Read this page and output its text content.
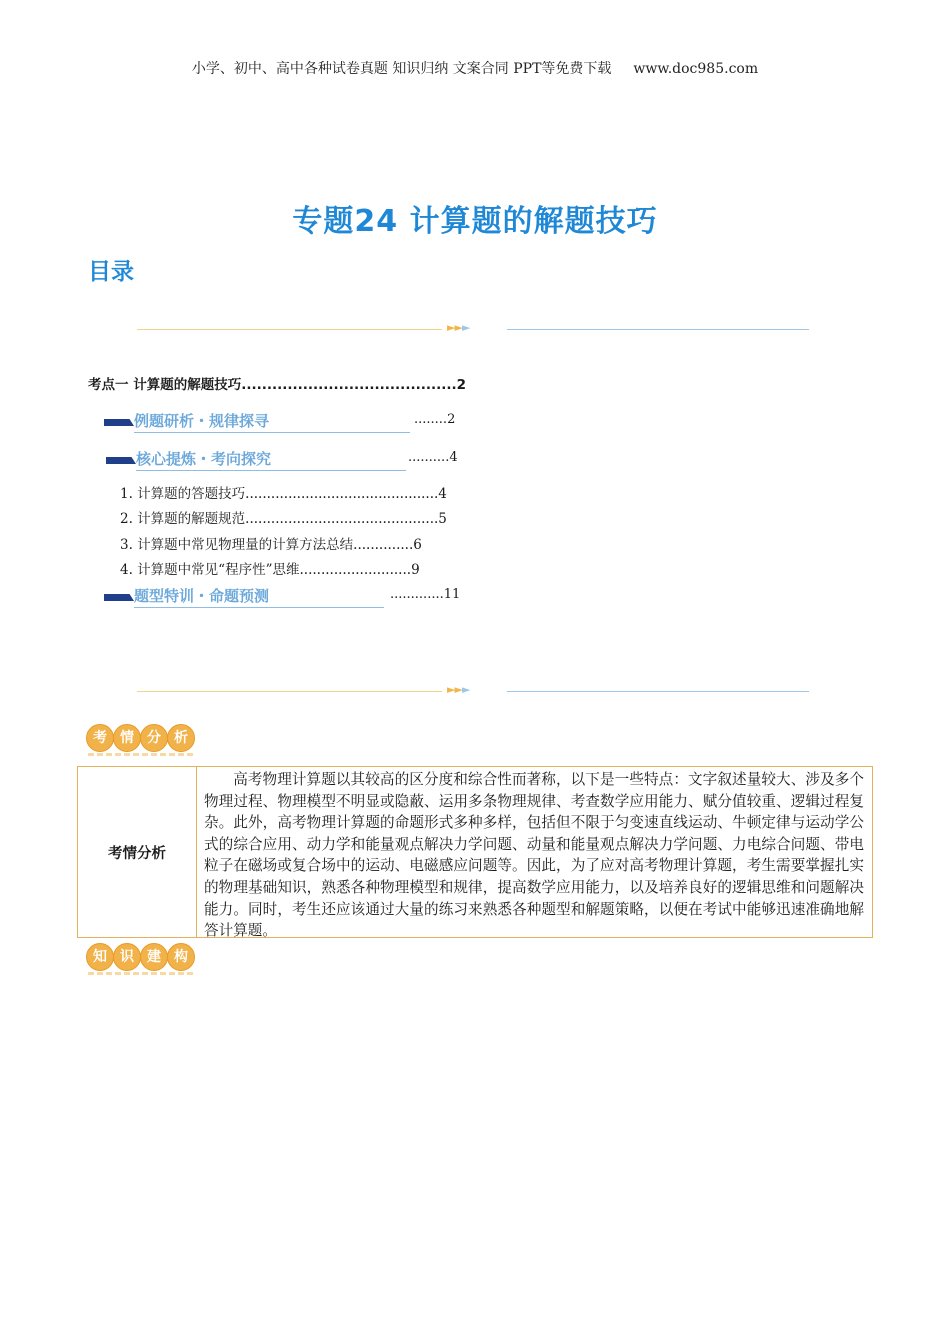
小学、初中、高中各种试卷真题 知识归纳 文案合同 PPT等免费下载 www.doc985.com
专题24 计算题的解题技巧
目录
►►►
考点一 计算题的解题技巧..........................................2
例题研析・规律探寻	........2
核心提炼・考向探究	..........4
1. 计算题的答题技巧.............................................4
2. 计算题的解题规范.............................................5
3. 计算题中常见物理量的计算方法总结..............6
4. 计算题中常见“程序性”思维..........................9
题型特训・命题预测	.............11
►►►
考 情 分 析
考情分析
高考物理计算题以其较高的区分度和综合性而著称，以下是一些特点：文字叙述量较大、涉及多个物理过程、物理模型不明显或隐蔽、运用多条物理规律、考查数学应用能力、赋分值较重、逻辑过程复杂。此外，高考物理计算题的命题形式多种多样，包括但不限于匀变速直线运动、牛顿定律与运动学公式的综合应用、动力学和能量观点解决力学问题、动量和能量观点解决力学问题、力电综合问题、带电粒子在磁场或复合场中的运动、电磁感应问题等。因此，为了应对高考物理计算题，考生需要掌握扎实的物理基础知识，熟悉各种物理模型和规律，提高数学应用能力，以及培养良好的逻辑思维和问题解决能力。同时，考生还应该通过大量的练习来熟悉各种题型和解题策略，以便在考试中能够迅速准确地解答计算题。
知 识 建 构
